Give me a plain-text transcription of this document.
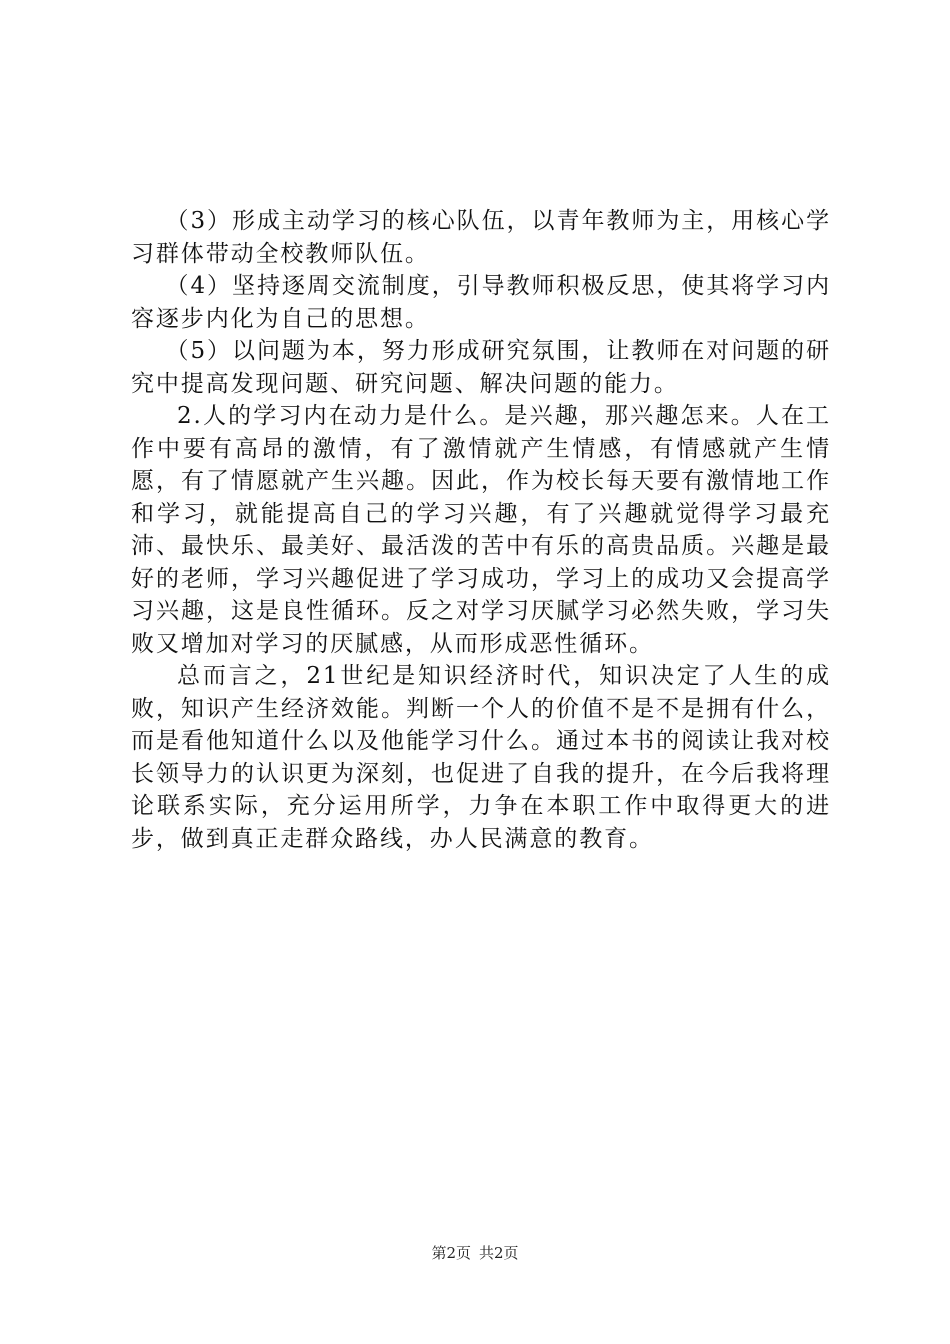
（3）形成主动学习的核心队伍，以青年教师为主，用核心学习群体带动全校教师队伍。

（4）坚持逐周交流制度，引导教师积极反思，使其将学习内容逐步内化为自己的思想。

（5）以问题为本，努力形成研究氛围，让教师在对问题的研究中提高发现问题、研究问题、解决问题的能力。

2.人的学习内在动力是什么。是兴趣，那兴趣怎来。人在工作中要有高昂的激情，有了激情就产生情感，有情感就产生情愿，有了情愿就产生兴趣。因此，作为校长每天要有激情地工作和学习，就能提高自己的学习兴趣，有了兴趣就觉得学习最充沛、最快乐、最美好、最活泼的苦中有乐的高贵品质。兴趣是最好的老师，学习兴趣促进了学习成功，学习上的成功又会提高学习兴趣，这是良性循环。反之对学习厌腻学习必然失败，学习失败又增加对学习的厌腻感，从而形成恶性循环。

总而言之，21世纪是知识经济时代，知识决定了人生的成败，知识产生经济效能。判断一个人的价值不是不是拥有什么，而是看他知道什么以及他能学习什么。通过本书的阅读让我对校长领导力的认识更为深刻，也促进了自我的提升，在今后我将理论联系实际，充分运用所学，力争在本职工作中取得更大的进步，做到真正走群众路线，办人民满意的教育。

第2页 共2页
